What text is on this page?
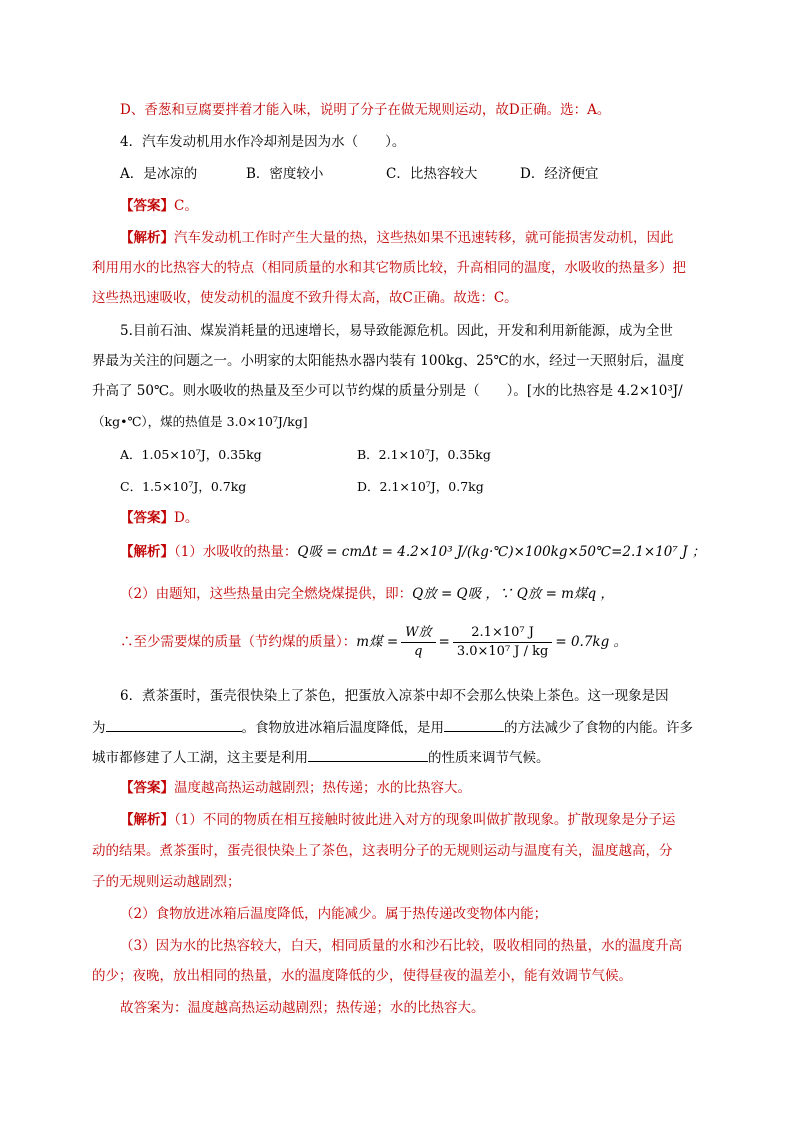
D、香葱和豆腐要拌着才能入味，说明了分子在做无规则运动，故D正确。选：A。
4．汽车发动机用水作冷却剂是因为水（　　）。
A．是冰凉的	B．密度较小	C．比热容较大	D．经济便宜
【答案】C。
【解析】汽车发动机工作时产生大量的热，这些热如果不迅速转移，就可能损害发动机，因此
利用用水的比热容大的特点（相同质量的水和其它物质比较，升高相同的温度，水吸收的热量多）把
这些热迅速吸收，使发动机的温度不致升得太高，故C正确。故选：C。
5.目前石油、煤炭消耗量的迅速增长，易导致能源危机。因此，开发和利用新能源，成为全世
界最为关注的问题之一。小明家的太阳能热水器内装有 100kg、25℃的水，经过一天照射后，温度
升高了 50℃。则水吸收的热量及至少可以节约煤的质量分别是（　　）。[水的比热容是 4.2×10³J/
（kg•℃），煤的热值是 3.0×10⁷J/kg]
A．1.05×10⁷J，0.35kg	B．2.1×10⁷J，0.35kg
C．1.5×10⁷J，0.7kg	D．2.1×10⁷J，0.7kg
【答案】D。
【解析】（1）水吸收的热量：Q吸 = cmΔt = 4.2×10³ J/(kg·℃)×100kg×50℃=2.1×10⁷ J ；
（2）由题知，这些热量由完全燃烧煤提供，即：Q放 = Q吸 ，∵ Q放 = m煤q ，
∴至少需要煤的质量（节约煤的质量）：m煤 = $\frac{\text{W放}}{q} = \frac{\text{2.1×10⁷ J}}{\text{3.0×10⁷ J / kg}} = 0.7kg$ 。
6．煮茶蛋时，蛋壳很快染上了茶色，把蛋放入凉茶中却不会那么快染上茶色。这一现象是因
为	。食物放进冰箱后温度降低，是用	的方法减少了食物的内能。许多
城市都修建了人工湖，这主要是利用	的性质来调节气候。
【答案】温度越高热运动越剧烈；热传递；水的比热容大。
【解析】（1）不同的物质在相互接触时彼此进入对方的现象叫做扩散现象。扩散现象是分子运
动的结果。煮茶蛋时，蛋壳很快染上了茶色，这表明分子的无规则运动与温度有关，温度越高，分
子的无规则运动越剧烈；
（2）食物放进冰箱后温度降低，内能减少。属于热传递改变物体内能；
（3）因为水的比热容较大，白天，相同质量的水和沙石比较，吸收相同的热量，水的温度升高
的少；夜晚，放出相同的热量，水的温度降低的少，使得昼夜的温差小，能有效调节气候。
故答案为：温度越高热运动越剧烈；热传递；水的比热容大。
